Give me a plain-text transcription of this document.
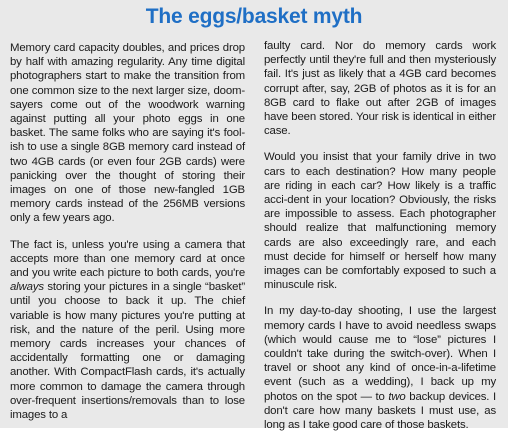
The eggs/basket myth

Memory card capacity doubles, and prices drop by half with amazing regularity. Any time digital photographers start to make the transition from one common size to the next larger size, doom-sayers come out of the woodwork warning against putting all your photo eggs in one basket. The same folks who are saying it's fool-ish to use a single 8GB memory card instead of two 4GB cards (or even four 2GB cards) were panicking over the thought of storing their images on one of those new-fangled 1GB memory cards instead of the 256MB versions only a few years ago.

The fact is, unless you're using a camera that accepts more than one memory card at once and you write each picture to both cards, you're always storing your pictures in a single “basket” until you choose to back it up. The chief variable is how many pictures you're putting at risk, and the nature of the peril. Using more memory cards increases your chances of accidentally formatting one or damaging another. With CompactFlash cards, it's actually more common to damage the camera through over-frequent insertions/removals than to lose images to a

faulty card. Nor do memory cards work perfectly until they're full and then mysteriously fail. It's just as likely that a 4GB card becomes corrupt after, say, 2GB of photos as it is for an 8GB card to flake out after 2GB of images have been stored. Your risk is identical in either case.

Would you insist that your family drive in two cars to each destination? How many people are riding in each car? How likely is a traffic acci-dent in your location? Obviously, the risks are impossible to assess. Each photographer should realize that malfunctioning memory cards are also exceedingly rare, and each must decide for himself or herself how many images can be comfortably exposed to such a minuscule risk.

In my day-to-day shooting, I use the largest memory cards I have to avoid needless swaps (which would cause me to “lose” pictures I couldn't take during the switch-over). When I travel or shoot any kind of once-in-a-lifetime event (such as a wedding), I back up my photos on the spot — to two backup devices. I don't care how many baskets I must use, as long as I take good care of those baskets.
